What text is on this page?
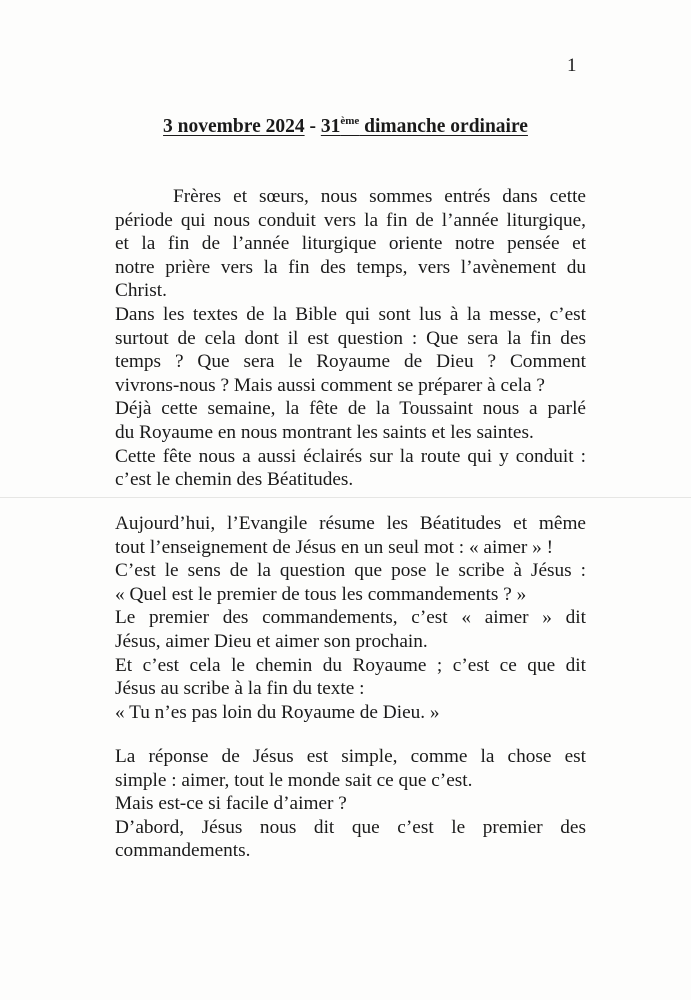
1
3 novembre 2024 - 31ème dimanche ordinaire
Frères et sœurs, nous sommes entrés dans cette
période qui nous conduit vers la fin de l’année liturgique,
et la fin de l’année liturgique oriente notre pensée et
notre prière vers la fin des temps, vers l’avènement du
Christ.
Dans les textes de la Bible qui sont lus à la messe, c’est
surtout de cela dont il est question : Que sera la fin des
temps ? Que sera le Royaume de Dieu ? Comment
vivrons-nous ? Mais aussi comment se préparer à cela ?
Déjà cette semaine, la fête de la Toussaint nous a parlé
du Royaume en nous montrant les saints et les saintes.
Cette fête nous a aussi éclairés sur la route qui y conduit :
c’est le chemin des Béatitudes.
Aujourd’hui, l’Evangile résume les Béatitudes et même
tout l’enseignement de Jésus en un seul mot : « aimer » !
C’est le sens de la question que pose le scribe à Jésus :
« Quel est le premier de tous les commandements ? »
Le premier des commandements, c’est « aimer » dit
Jésus, aimer Dieu et aimer son prochain.
Et c’est cela le chemin du Royaume ; c’est ce que dit
Jésus au scribe à la fin du texte :
« Tu n’es pas loin du Royaume de Dieu. »
La réponse de Jésus est simple, comme la chose est
simple : aimer, tout le monde sait ce que c’est.
Mais est-ce si facile d’aimer ?
D’abord, Jésus nous dit que c’est le premier des
commandements.
